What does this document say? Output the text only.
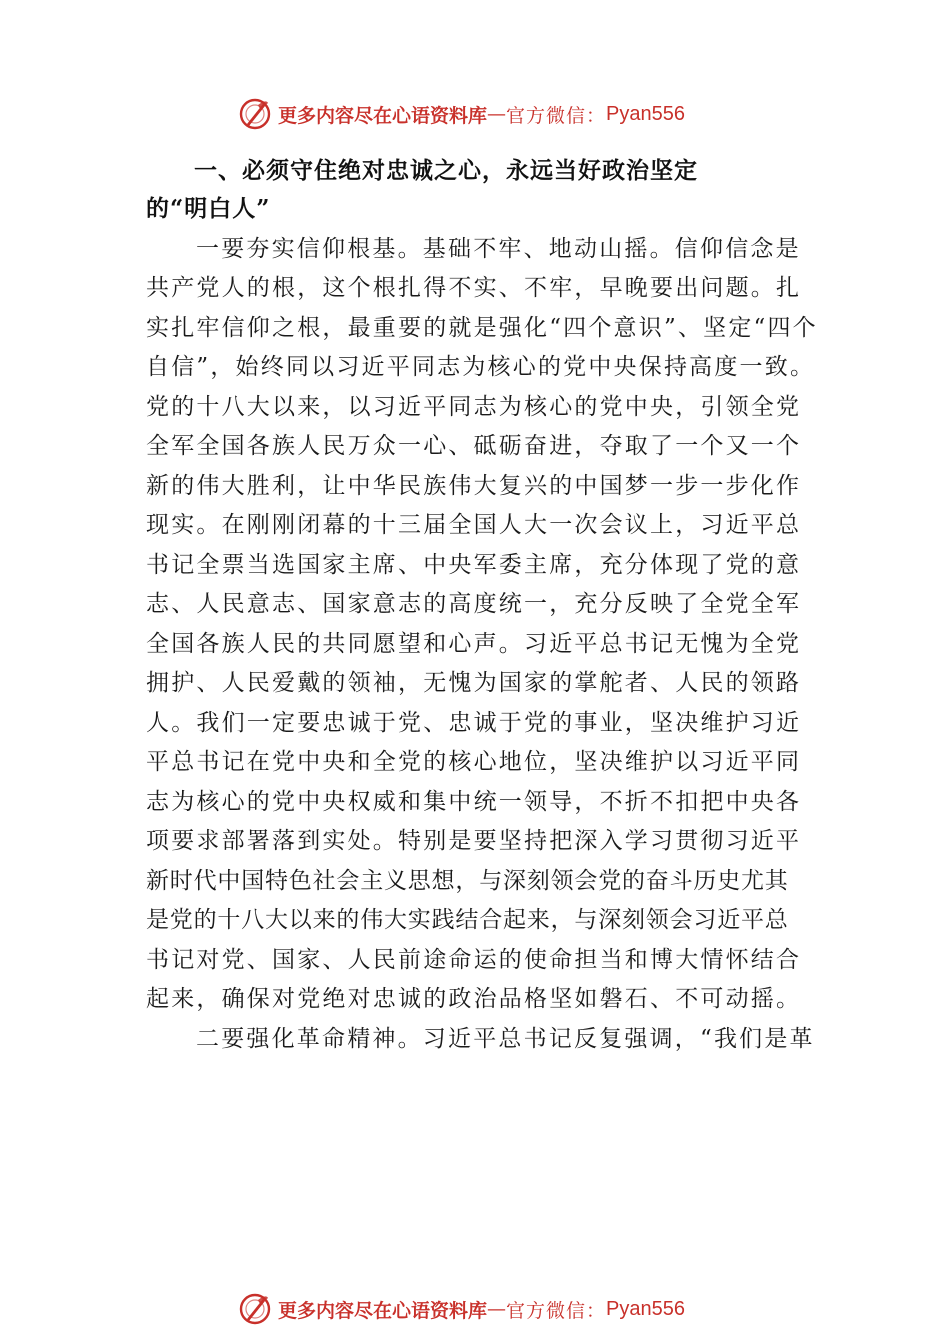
更多内容尽在心语资料库 — 官方微信： Pyan556
一、必须守住绝对忠诚之心，永远当好政治坚定
的“明白人”
一要夯实信仰根基。基础不牢、地动山摇。信仰信念是
共产党人的根，这个根扎得不实、不牢，早晚要出问题。扎
实扎牢信仰之根，最重要的就是强化“四个意识”、坚定“四个
自信”，始终同以习近平同志为核心的党中央保持高度一致。
党的十八大以来，以习近平同志为核心的党中央，引领全党
全军全国各族人民万众一心、砥砺奋进，夺取了一个又一个
新的伟大胜利，让中华民族伟大复兴的中国梦一步一步化作
现实。在刚刚闭幕的十三届全国人大一次会议上，习近平总
书记全票当选国家主席、中央军委主席，充分体现了党的意
志、人民意志、国家意志的高度统一，充分反映了全党全军
全国各族人民的共同愿望和心声。习近平总书记无愧为全党
拥护、人民爱戴的领袖，无愧为国家的掌舵者、人民的领路
人。我们一定要忠诚于党、忠诚于党的事业，坚决维护习近
平总书记在党中央和全党的核心地位，坚决维护以习近平同
志为核心的党中央权威和集中统一领导，不折不扣把中央各
项要求部署落到实处。特别是要坚持把深入学习贯彻习近平
新时代中国特色社会主义思想，与深刻领会党的奋斗历史尤其
是党的十八大以来的伟大实践结合起来，与深刻领会习近平总
书记对党、国家、人民前途命运的使命担当和博大情怀结合
起来，确保对党绝对忠诚的政治品格坚如磐石、不可动摇。
二要强化革命精神。习近平总书记反复强调，“我们是革
更多内容尽在心语资料库 — 官方微信： Pyan556
